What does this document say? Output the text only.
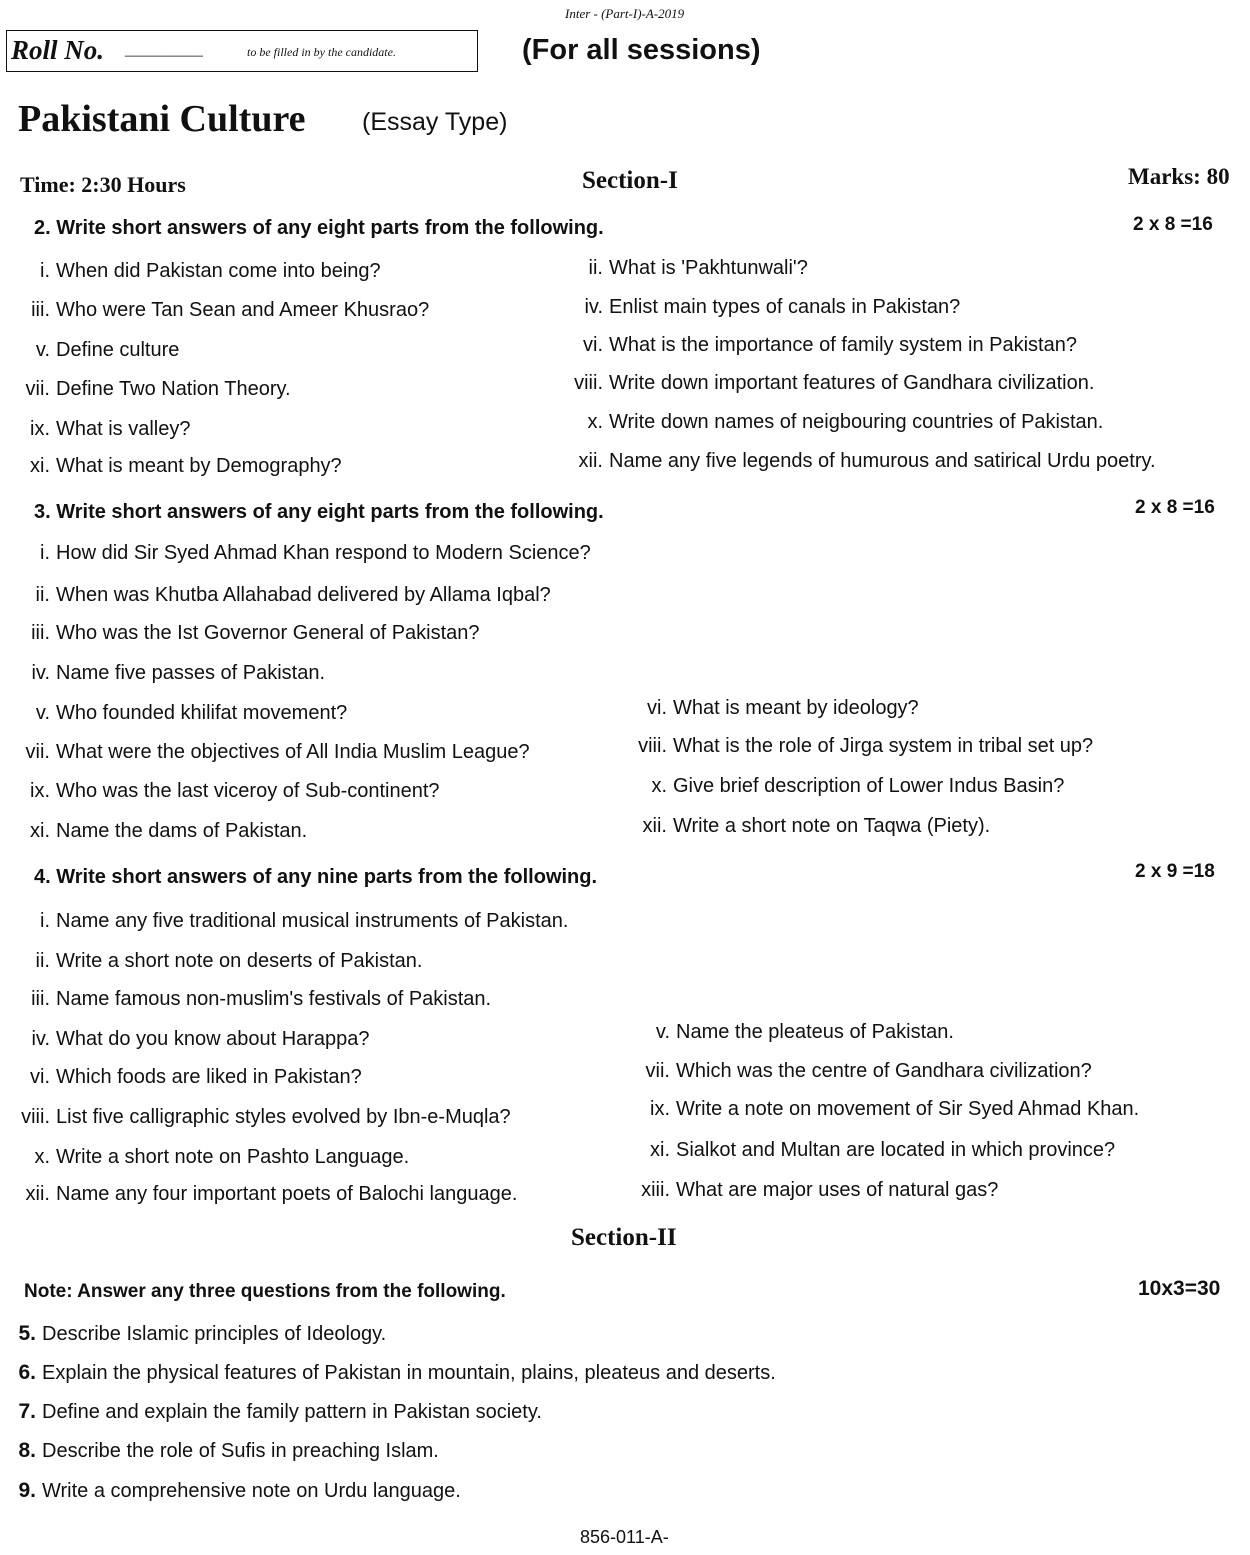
Inter - (Part-I)-A-2019
Roll No. _______	to be filled in by the candidate.	(For all sessions)
Pakistani Culture (Essay Type)
Time: 2:30 Hours	Section-I	Marks: 80
2. Write short answers of any eight parts from the following.	2 x 8 =16
i. When did Pakistan come into being?	ii. What is 'Pakhtunwali'?
iii. Who were Tan Sean and Ameer Khusrao?	iv. Enlist main types of canals in Pakistan?
v. Define culture	vi. What is the importance of family system in Pakistan?
vii. Define Two Nation Theory.	viii. Write down important features of Gandhara civilization.
ix. What is valley?	x. Write down names of neigbouring countries of Pakistan.
xi. What is meant by Demography?	xii. Name any five legends of humurous and satirical Urdu poetry.
3. Write short answers of any eight parts from the following.	2 x 8 =16
i. How did Sir Syed Ahmad Khan respond to Modern Science?
ii. When was Khutba Allahabad delivered by Allama Iqbal?
iii. Who was the Ist Governor General of Pakistan?
iv. Name five passes of Pakistan.
v. Who founded khilifat movement?	vi. What is meant by ideology?
vii. What were the objectives of All India Muslim League?	viii. What is the role of Jirga system in tribal set up?
ix. Who was the last viceroy of Sub-continent?	x. Give brief description of Lower Indus Basin?
xi. Name the dams of Pakistan.	xii. Write a short note on Taqwa (Piety).
4. Write short answers of any nine parts from the following.	2 x 9 =18
i. Name any five traditional musical instruments of Pakistan.
ii. Write a short note on deserts of Pakistan.
iii. Name famous non-muslim's festivals of Pakistan.
iv. What do you know about Harappa?	v. Name the pleateus of Pakistan.
vi. Which foods are liked in Pakistan?	vii. Which was the centre of Gandhara civilization?
viii. List five calligraphic styles evolved by Ibn-e-Muqla?	ix. Write a note on movement of Sir Syed Ahmad Khan.
x. Write a short note on Pashto Language.	xi. Sialkot and Multan are located in which province?
xii. Name any four important poets of Balochi language.	xiii. What are major uses of natural gas?
Section-II
Note: Answer any three questions from the following.	10x3=30
5. Describe Islamic principles of Ideology.
6. Explain the physical features of Pakistan in mountain, plains, pleateus and deserts.
7. Define and explain the family pattern in Pakistan society.
8. Describe the role of Sufis in preaching Islam.
9. Write a comprehensive note on Urdu language.
856-011-A-
